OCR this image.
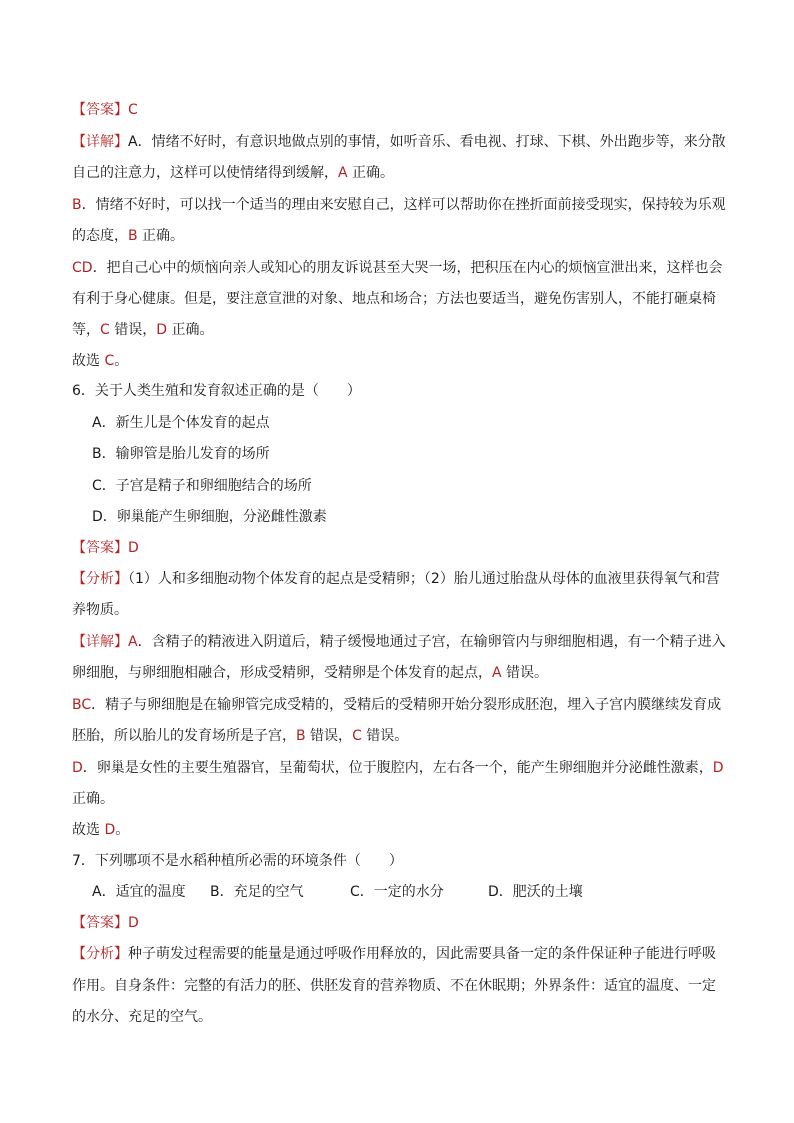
【答案】C
【详解】A．情绪不好时，有意识地做点别的事情，如听音乐、看电视、打球、下棋、外出跑步等，来分散
自己的注意力，这样可以使情绪得到缓解，A 正确。
B．情绪不好时，可以找一个适当的理由来安慰自己，这样可以帮助你在挫折面前接受现实，保持较为乐观
的态度，B 正确。
CD．把自己心中的烦恼向亲人或知心的朋友诉说甚至大哭一场，把积压在内心的烦恼宣泄出来，这样也会
有利于身心健康。但是，要注意宣泄的对象、地点和场合；方法也要适当，避免伤害别人，不能打砸桌椅
等，C 错误，D 正确。
故选 C。
6．关于人类生殖和发育叙述正确的是（　　）
A．新生儿是个体发育的起点
B．输卵管是胎儿发育的场所
C．子宫是精子和卵细胞结合的场所
D．卵巢能产生卵细胞，分泌雌性激素
【答案】D
【分析】（1）人和多细胞动物个体发育的起点是受精卵；（2）胎儿通过胎盘从母体的血液里获得氧气和营
养物质。
【详解】A．含精子的精液进入阴道后，精子缓慢地通过子宫，在输卵管内与卵细胞相遇，有一个精子进入
卵细胞，与卵细胞相融合，形成受精卵，受精卵是个体发育的起点，A 错误。
BC．精子与卵细胞是在输卵管完成受精的，受精后的受精卵开始分裂形成胚泡，埋入子宫内膜继续发育成
胚胎，所以胎儿的发育场所是子宫，B 错误，C 错误。
D．卵巢是女性的主要生殖器官，呈葡萄状，位于腹腔内，左右各一个，能产生卵细胞并分泌雌性激素，D
正确。
故选 D。
7．下列哪项不是水稻种植所必需的环境条件（　　）
A．适宜的温度 B．充足的空气	C．一定的水分	D．肥沃的土壤
【答案】D
【分析】种子萌发过程需要的能量是通过呼吸作用释放的，因此需要具备一定的条件保证种子能进行呼吸
作用。自身条件：完整的有活力的胚、供胚发育的营养物质、不在休眠期；外界条件：适宜的温度、一定
的水分、充足的空气。
